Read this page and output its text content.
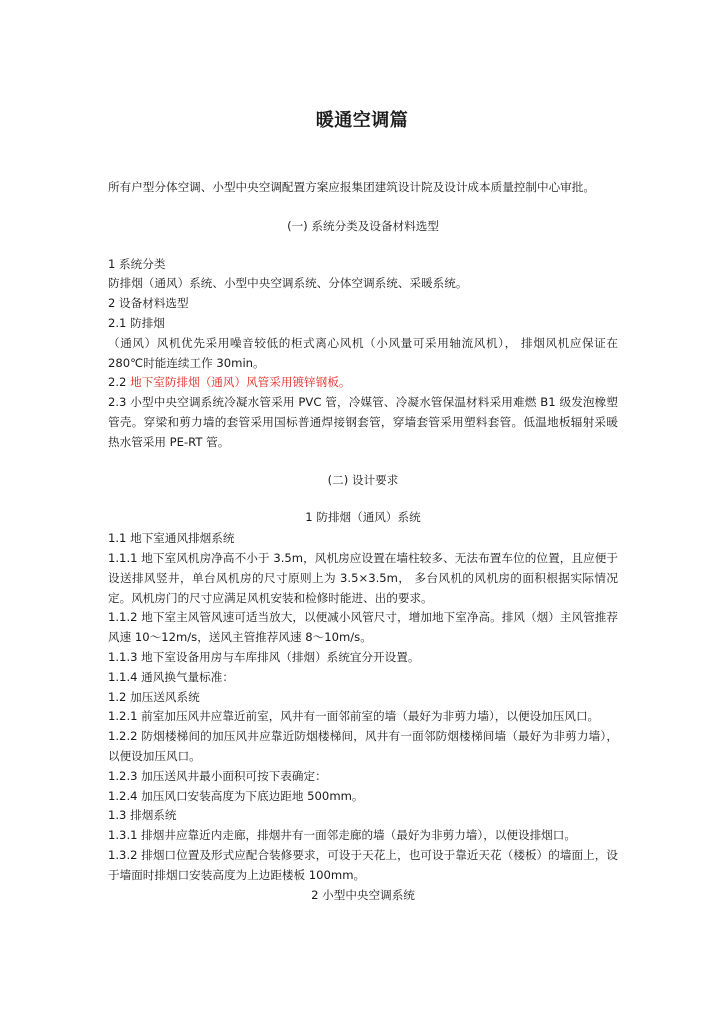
暖通空调篇

所有户型分体空调、小型中央空调配置方案应报集团建筑设计院及设计成本质量控制中心审批。

(一) 系统分类及设备材料选型

1 系统分类

防排烟（通风）系统、小型中央空调系统、分体空调系统、采暖系统。

2 设备材料选型

2.1 防排烟

（通风）风机优先采用噪音较低的柜式离心风机（小风量可采用轴流风机）， 排烟风机应保证在 280℃时能连续工作 30min。

2.2 地下室防排烟（通风）风管采用镀锌钢板。

2.3 小型中央空调系统冷凝水管采用 PVC 管，冷媒管、冷凝水管保温材料采用难燃 B1 级发泡橡塑管壳。穿梁和剪力墙的套管采用国标普通焊接钢套管，穿墙套管采用塑料套管。低温地板辐射采暖热水管采用 PE-RT 管。

(二) 设计要求

1 防排烟（通风）系统

1.1 地下室通风排烟系统

1.1.1 地下室风机房净高不小于 3.5m，风机房应设置在墙柱较多、无法布置车位的位置，且应便于设送排风竖井，单台风机房的尺寸原则上为 3.5×3.5m， 多台风机的风机房的面积根据实际情况定。风机房门的尺寸应满足风机安装和检修时能进、出的要求。

1.1.2 地下室主风管风速可适当放大，以便减小风管尺寸，增加地下室净高。排风（烟）主风管推荐风速 10～12m/s，送风主管推荐风速 8～10m/s。

1.1.3 地下室设备用房与车库排风（排烟）系统宜分开设置。

1.1.4 通风换气量标准：

1.2 加压送风系统

1.2.1 前室加压风井应靠近前室，风井有一面邻前室的墙（最好为非剪力墙），以便设加压风口。

1.2.2 防烟楼梯间的加压风井应靠近防烟楼梯间，风井有一面邻防烟楼梯间墙（最好为非剪力墙），以便设加压风口。

1.2.3 加压送风井最小面积可按下表确定：

1.2.4 加压风口安装高度为下底边距地 500mm。

1.3 排烟系统

1.3.1 排烟井应靠近内走廊，排烟井有一面邻走廊的墙（最好为非剪力墙），以便设排烟口。

1.3.2 排烟口位置及形式应配合装修要求，可设于天花上，也可设于靠近天花（楼板）的墙面上，设于墙面时排烟口安装高度为上边距楼板 100mm。

2 小型中央空调系统
